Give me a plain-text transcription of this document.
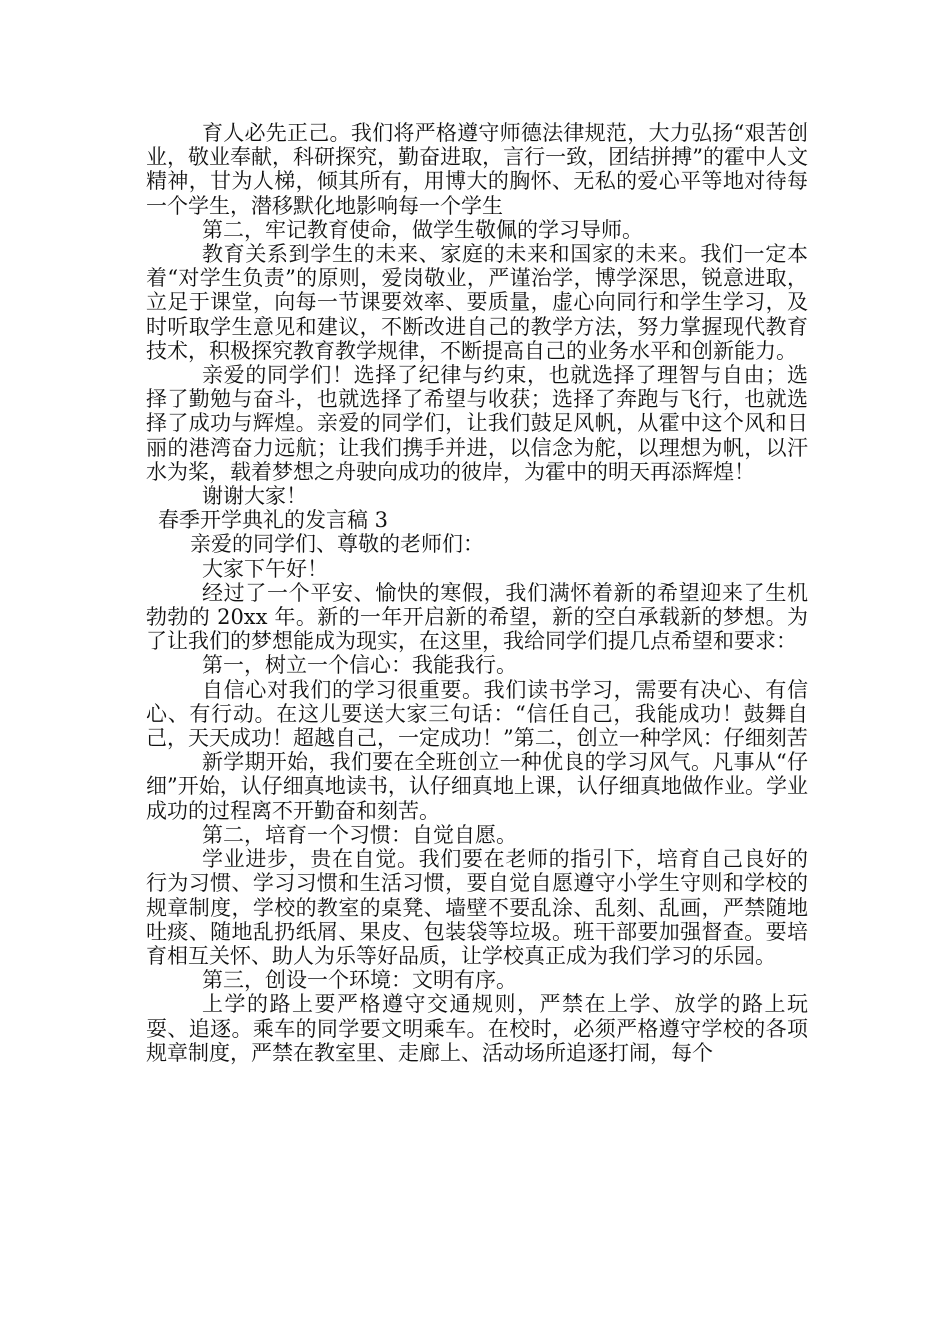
育人必先正己。我们将严格遵守师德法律规范，大力弘扬“艰苦创业，敬业奉献，科研探究，勤奋进取，言行一致，团结拼搏”的霍中人文精神，甘为人梯，倾其所有，用博大的胸怀、无私的爱心平等地对待每一个学生，潜移默化地影响每一个学生

第二，牢记教育使命，做学生敬佩的学习导师。

教育关系到学生的未来、家庭的未来和国家的未来。我们一定本着“对学生负责”的原则，爱岗敬业，严谨治学，博学深思，锐意进取，立足于课堂，向每一节课要效率、要质量，虚心向同行和学生学习，及时听取学生意见和建议，不断改进自己的教学方法，努力掌握现代教育技术，积极探究教育教学规律，不断提高自己的业务水平和创新能力。

亲爱的同学们！选择了纪律与约束，也就选择了理智与自由；选择了勤勉与奋斗，也就选择了希望与收获；选择了奔跑与飞行，也就选择了成功与辉煌。亲爱的同学们，让我们鼓足风帆，从霍中这个风和日丽的港湾奋力远航；让我们携手并进，以信念为舵，以理想为帆，以汗水为桨，载着梦想之舟驶向成功的彼岸，为霍中的明天再添辉煌！

谢谢大家！

春季开学典礼的发言稿 3

亲爱的同学们、尊敬的老师们：

大家下午好！

经过了一个平安、愉快的寒假，我们满怀着新的希望迎来了生机勃勃的 20xx 年。新的一年开启新的希望，新的空白承载新的梦想。为了让我们的梦想能成为现实，在这里，我给同学们提几点希望和要求：

第一，树立一个信心：我能我行。

自信心对我们的学习很重要。我们读书学习，需要有决心、有信心、有行动。在这儿要送大家三句话：“信任自己，我能成功！鼓舞自己，天天成功！超越自己，一定成功！”第二，创立一种学风：仔细刻苦

新学期开始，我们要在全班创立一种优良的学习风气。凡事从“仔细”开始，认仔细真地读书，认仔细真地上课，认仔细真地做作业。学业成功的过程离不开勤奋和刻苦。

第二，培育一个习惯：自觉自愿。

学业进步，贵在自觉。我们要在老师的指引下，培育自己良好的行为习惯、学习习惯和生活习惯，要自觉自愿遵守小学生守则和学校的规章制度，学校的教室的桌凳、墙壁不要乱涂、乱刻、乱画，严禁随地吐痰、随地乱扔纸屑、果皮、包装袋等垃圾。班干部要加强督查。要培育相互关怀、助人为乐等好品质，让学校真正成为我们学习的乐园。

第三，创设一个环境：文明有序。

上学的路上要严格遵守交通规则，严禁在上学、放学的路上玩耍、追逐。乘车的同学要文明乘车。在校时，必须严格遵守学校的各项规章制度，严禁在教室里、走廊上、活动场所追逐打闹，每个
